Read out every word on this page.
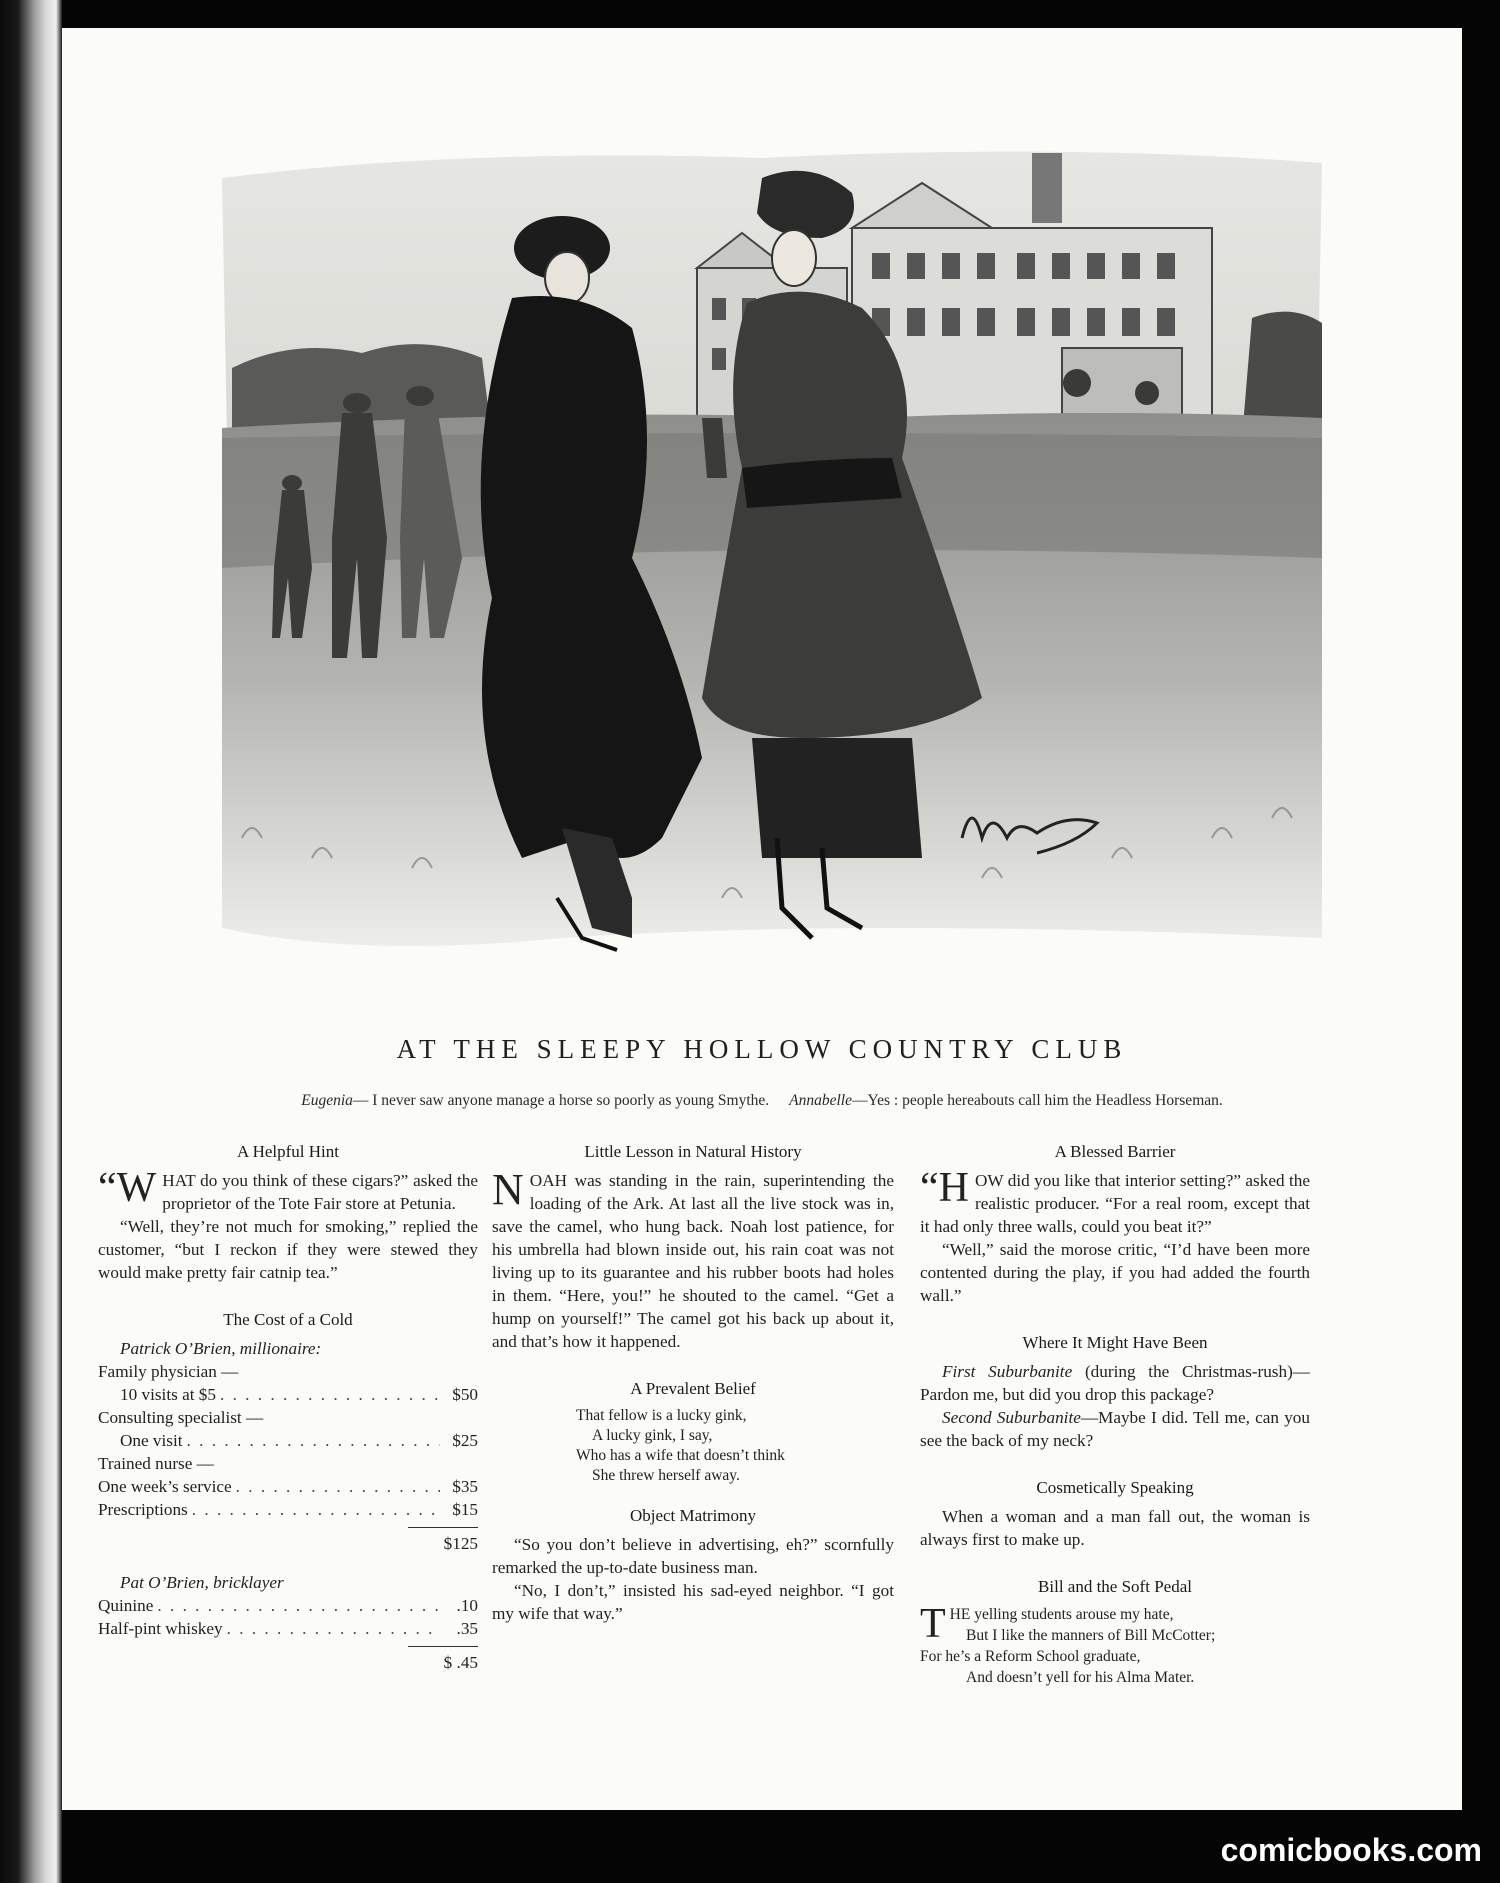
AT THE SLEEPY HOLLOW COUNTRY CLUB
Eugenia— I never saw anyone manage a horse so poorly as young Smythe. Annabelle—Yes : people hereabouts call him the Headless Horseman.
A Helpful Hint

“WHAT do you think of these cigars?” asked the proprietor of the Tote Fair store at Petunia.

“Well, they’re not much for smoking,” replied the customer, “but I reckon if they were stewed they would make pretty fair catnip tea.”

The Cost of a Cold
Patrick O’Brien, millionaire:
Family physician —
10 visits at $5 . . .	$50
Consulting specialist —
One visit . . .	$25
Trained nurse —
One week’s service . . .	$35
Prescriptions . . .	$15
$125
Pat O’Brien, bricklayer
Quinine . . .	.10
Half-pint whiskey . . .	.35
$ .45
Little Lesson in Natural History

NOAH was standing in the rain, superintending the loading of the Ark. At last all the live stock was in, save the camel, who hung back. Noah lost patience, for his umbrella had blown inside out, his rain coat was not living up to its guarantee and his rubber boots had holes in them. “Here, you!” he shouted to the camel. “Get a hump on yourself!” The camel got his back up about it, and that’s how it happened.

A Prevalent Belief
That fellow is a lucky gink,
A lucky gink, I say,
Who has a wife that doesn’t think
She threw herself away.
Object Matrimony

“So you don’t believe in advertising, eh?” scornfully remarked the up-to-date business man.

“No, I don’t,” insisted his sad-eyed neighbor. “I got my wife that way.”

A Blessed Barrier

“HOW did you like that interior setting?” asked the realistic producer. “For a real room, except that it had only three walls, could you beat it?”

“Well,” said the morose critic, “I’d have been more contented during the play, if you had added the fourth wall.”

Where It Might Have Been

First Suburbanite (during the Christmas-rush)—Pardon me, but did you drop this package?

Second Suburbanite—Maybe I did. Tell me, can you see the back of my neck?

Cosmetically Speaking

When a woman and a man fall out, the woman is always first to make up.

Bill and the Soft Pedal
THE yelling students arouse my hate,
But I like the manners of Bill McCotter;
For he’s a Reform School graduate,
And doesn’t yell for his Alma Mater.
comicbooks.com
